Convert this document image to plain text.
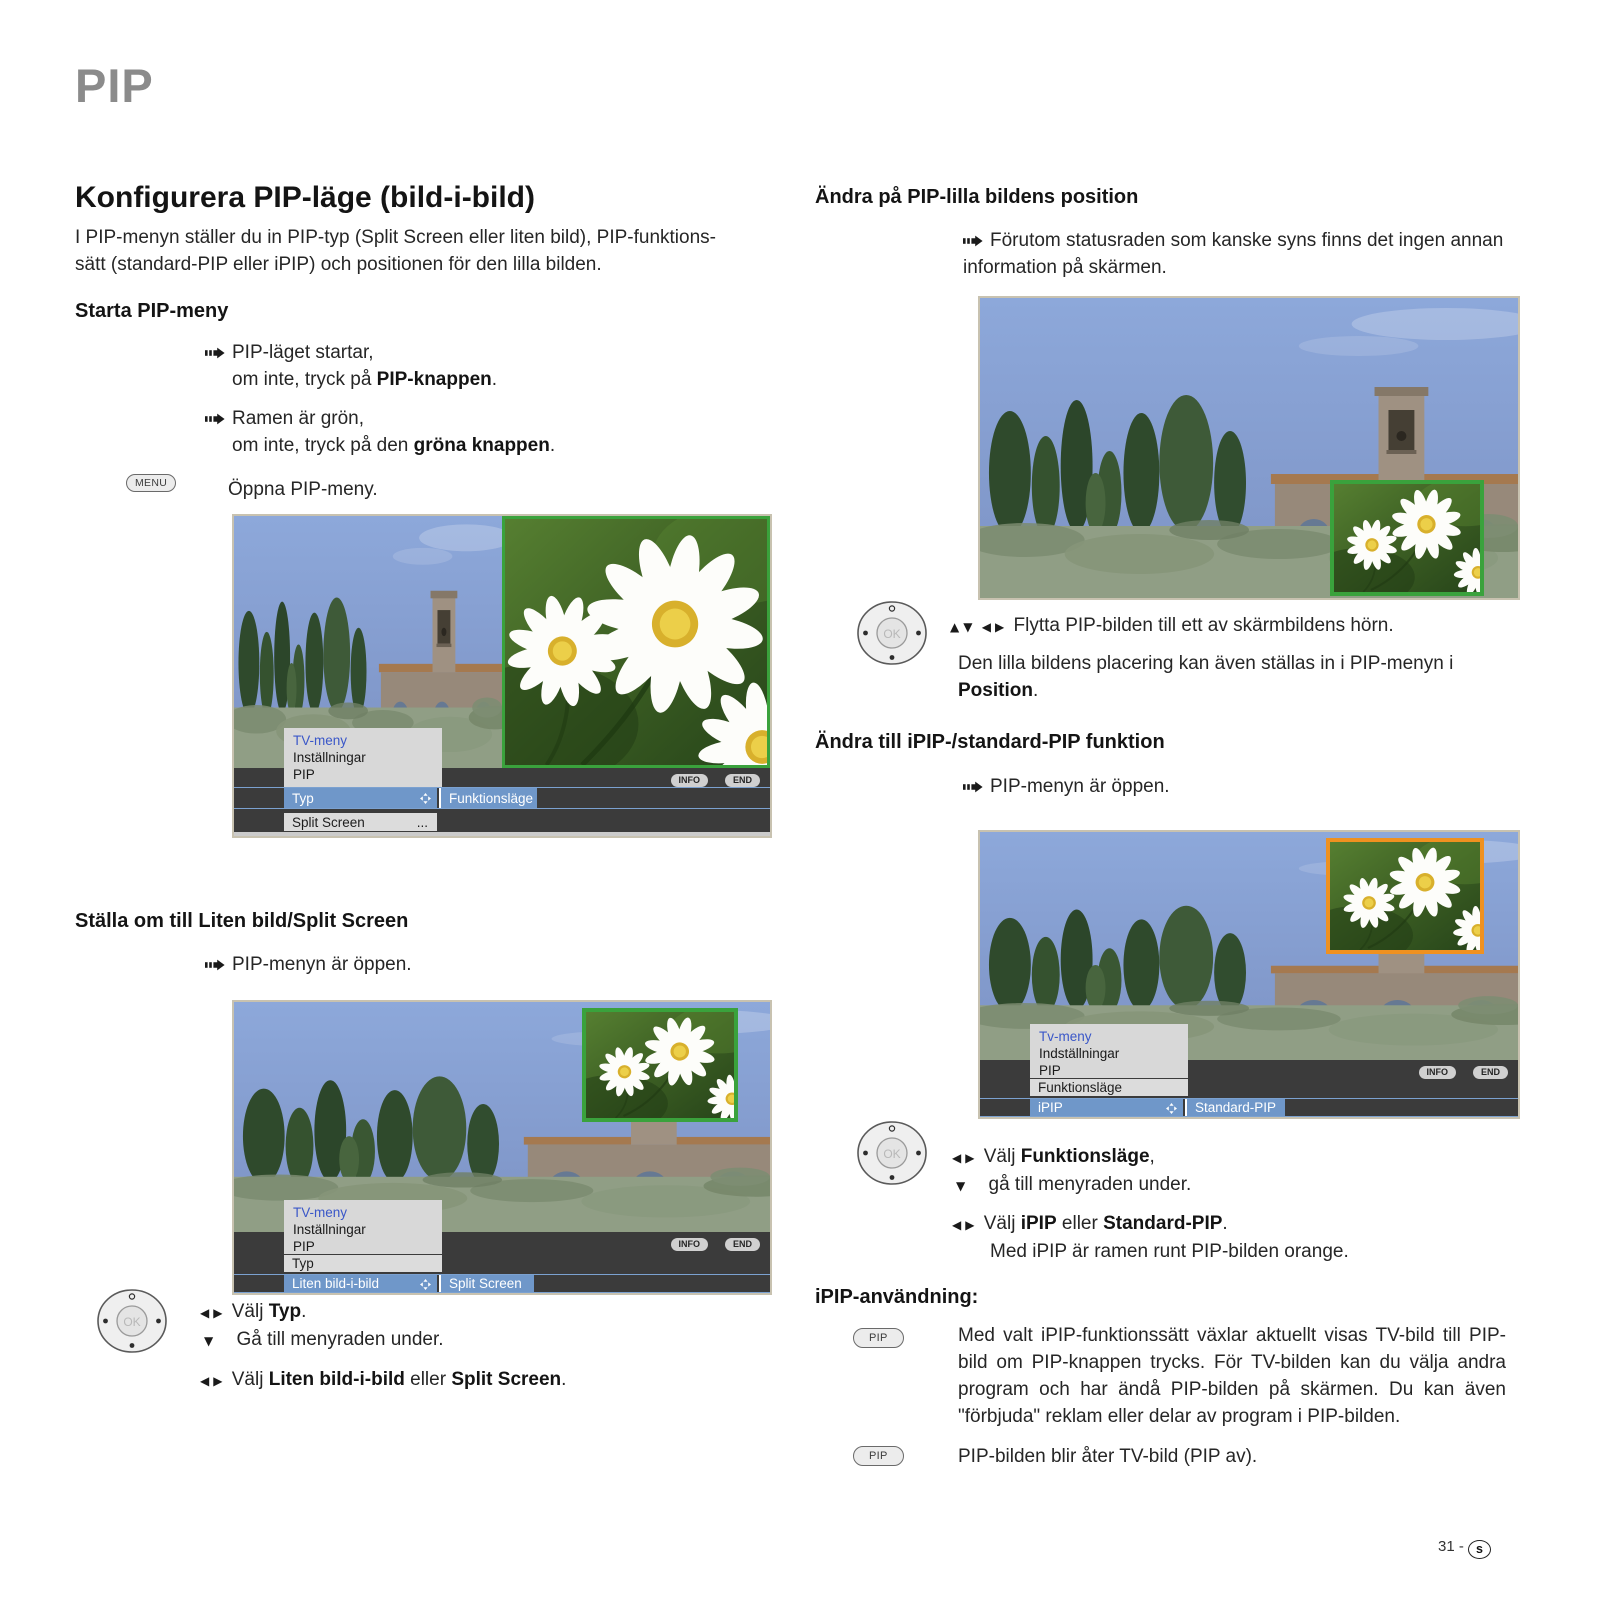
PIP
Konfigurera PIP-läge (bild-i-bild)
I PIP-menyn ställer du in PIP-typ (Split Screen eller liten bild), PIP-funktions-
sätt (standard-PIP eller iPIP) och positionen för den lilla bilden.
Starta PIP-meny
PIP-läget startar,
om inte, tryck på PIP-knappen.
Ramen är grön,
om inte, tryck på den gröna knappen.
MENU	Öppna PIP-meny.
INFO	END
TV-meny
Inställningar
PIP
Typ	Funktionsläge
Split Screen	...
Ställa om till Liten bild/Split Screen
PIP-menyn är öppen.
INFO	END
TV-meny
Inställningar
PIP
Typ
Liten bild-i-bild	Split Screen
OK
◀ ▶ Välj Typ.
▼ Gå till menyraden under.
◀ ▶ Välj Liten bild-i-bild eller Split Screen.
Ändra på PIP-lilla bildens position
Förutom statusraden som kanske syns finns det ingen annan information på skärmen.
OK	▲ ▼ ◀ ▶ Flytta PIP-bilden till ett av skärmbildens hörn.
Den lilla bildens placering kan även ställas in i PIP-menyn i Position.
Ändra till iPIP-/standard-PIP funktion
PIP-menyn är öppen.
INFO	END
Tv-meny
Indställningar
PIP
Funktionsläge
iPIP	Standard-PIP
OK	◀ ▶ Välj Funktionsläge,
▼ gå till menyraden under.
◀ ▶ Välj iPIP eller Standard-PIP.
Med iPIP är ramen runt PIP-bilden orange.
iPIP-användning:
PIP	Med valt iPIP-funktionssätt växlar aktuellt visas TV-bild till PIP-bild om PIP-knappen trycks. För TV-bilden kan du välja andra program och har ändå PIP-bilden på skärmen. Du kan även "förbjuda" reklam eller delar av program i PIP-bilden.
PIP	PIP-bilden blir åter TV-bild (PIP av).
31 - s
